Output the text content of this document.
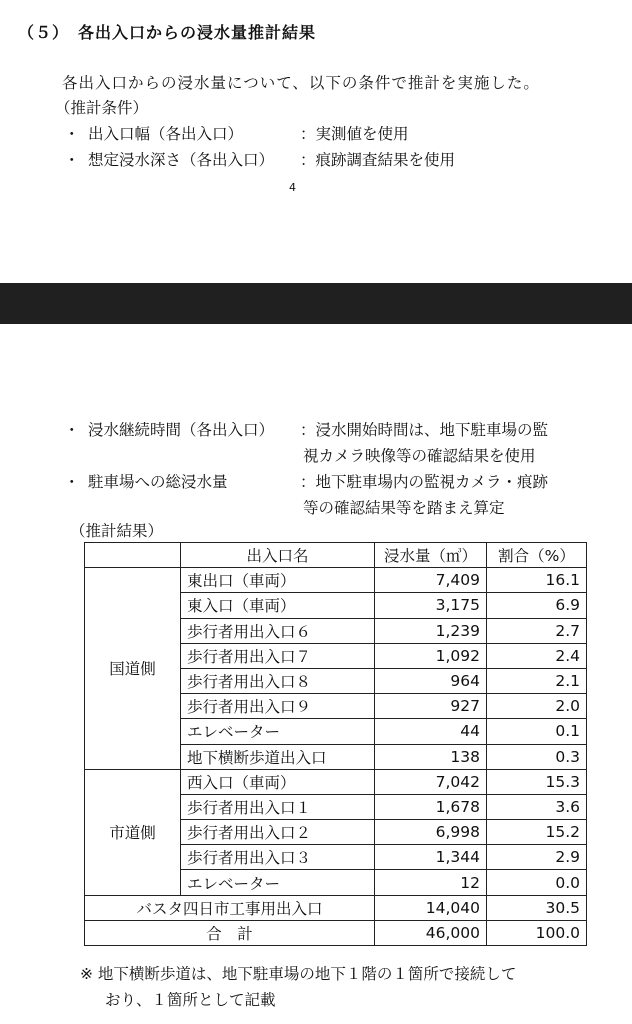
（５）　各出入口からの浸水量推計結果
各出入口からの浸水量について、以下の条件で推計を実施した。
（推計条件）
・ 出入口幅（各出入口）	：実測値を使用
・ 想定浸水深さ（各出入口） ：痕跡調査結果を使用
4
・ 浸水継続時間（各出入口） ：浸水開始時間は、地下駐車場の監
視カメラ映像等の確認結果を使用
・ 駐車場への総浸水量	：地下駐車場内の監視カメラ・痕跡
等の確認結果等を踏まえ算定
（推計結果）
	出入口名	浸水量（㎥）	割合（%）
国道側	東出口（車両）	7,409	16.1
	東入口（車両）	3,175	6.9
	歩行者用出入口６	1,239	2.7
	歩行者用出入口７	1,092	2.4
	歩行者用出入口８	964	2.1
	歩行者用出入口９	927	2.0
	エレベーター	44	0.1
	地下横断歩道出入口	138	0.3
市道側	西入口（車両）	7,042	15.3
	歩行者用出入口１	1,678	3.6
	歩行者用出入口２	6,998	15.2
	歩行者用出入口３	1,344	2.9
	エレベーター	12	0.0
バスタ四日市工事用出入口		14,040	30.5
合　計		46,000	100.0
※ 地下横断歩道は、地下駐車場の地下１階の１箇所で接続して
おり、１箇所として記載
